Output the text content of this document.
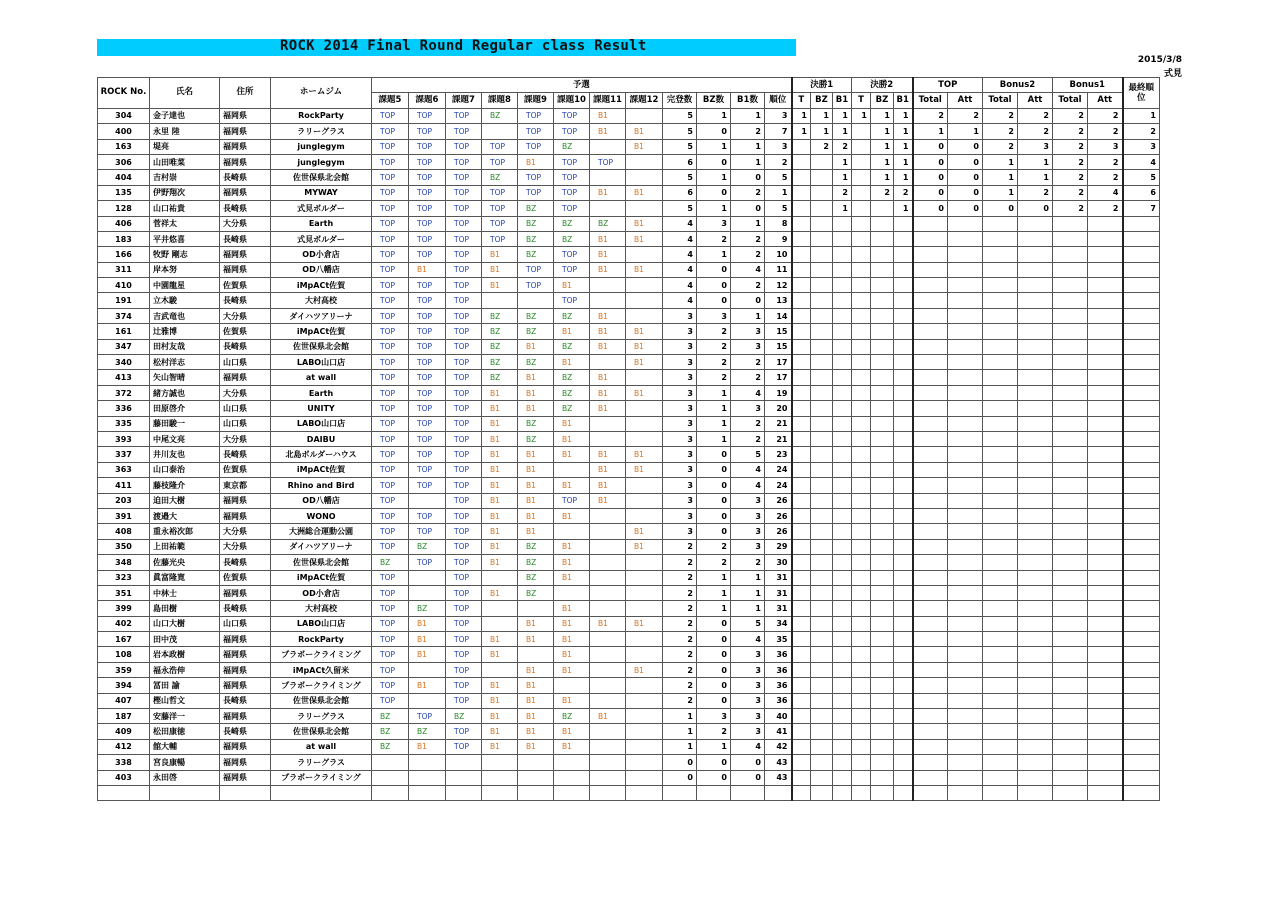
ROCK 2014 Final Round Regular class Result
2015/3/8
式見
ROCK No.	氏名	住所	ホームジム	予選												決勝1			決勝2			TOP		Bonus2		Bonus1		最終順位
				課題5	課題6	課題7	課題8	課題9	課題10	課題11	課題12	完登数	BZ数	B1数	順位	T	BZ	B1	T	BZ	B1	Total	Att	Total	Att	Total	Att	
304	金子達也	福岡県	RockParty	TOP	TOP	TOP	BZ	TOP	TOP	B1		5	1	1	3	1	1	1	1	1	1	2	2	2	2	2	2	1
400	永里 陸	福岡県	ラリーグラス	TOP	TOP	TOP		TOP	TOP	B1	B1	5	0	2	7	1	1	1		1	1	1	1	2	2	2	2	2
163	堤亮	福岡県	junglegym	TOP	TOP	TOP	TOP	TOP	BZ		B1	5	1	1	3		2	2		1	1	0	0	2	3	2	3	3
306	山田唯菜	福岡県	junglegym	TOP	TOP	TOP	TOP	B1	TOP	TOP		6	0	1	2			1		1	1	0	0	1	1	2	2	4
404	吉村崇	長崎県	佐世保県北会館	TOP	TOP	TOP	BZ	TOP	TOP			5	1	0	5			1		1	1	0	0	1	1	2	2	5
135	伊野翔次	福岡県	MYWAY	TOP	TOP	TOP	TOP	TOP	TOP	B1	B1	6	0	2	1			2		2	2	0	0	1	2	2	4	6
128	山口祐貴	長崎県	式見ボルダー	TOP	TOP	TOP	TOP	BZ	TOP			5	1	0	5			1			1	0	0	0	0	2	2	7
406	菅祥太	大分県	Earth	TOP	TOP	TOP	TOP	BZ	BZ	BZ	B1	4	3	1	8													
183	平井悠喜	長崎県	式見ボルダー	TOP	TOP	TOP	TOP	BZ	BZ	B1	B1	4	2	2	9													
166	牧野 剛志	福岡県	OD小倉店	TOP	TOP	TOP	B1	BZ	TOP	B1		4	1	2	10													
311	岸本努	福岡県	OD八幡店	TOP	B1	TOP	B1	TOP	TOP	B1	B1	4	0	4	11													
410	中園龍星	佐賀県	iMpACt佐賀	TOP	TOP	TOP	B1	TOP	B1			4	0	2	12													
191	立木駿	長崎県	大村高校	TOP	TOP	TOP			TOP			4	0	0	13													
374	吉武竜也	大分県	ダイハツアリーナ	TOP	TOP	TOP	BZ	BZ	BZ	B1		3	3	1	14													
161	辻雅博	佐賀県	iMpACt佐賀	TOP	TOP	TOP	BZ	BZ	B1	B1	B1	3	2	3	15													
347	田村友哉	長崎県	佐世保県北会館	TOP	TOP	TOP	BZ	B1	BZ	B1	B1	3	2	3	15													
340	松村洋志	山口県	LABO山口店	TOP	TOP	TOP	BZ	BZ	B1		B1	3	2	2	17													
413	矢山智晴	福岡県	at wall	TOP	TOP	TOP	BZ	B1	BZ	B1		3	2	2	17													
372	緒方誠也	大分県	Earth	TOP	TOP	TOP	B1	B1	BZ	B1	B1	3	1	4	19													
336	田原啓介	山口県	UNITY	TOP	TOP	TOP	B1	B1	BZ	B1		3	1	3	20													
335	藤田駿一	山口県	LABO山口店	TOP	TOP	TOP	B1	BZ	B1			3	1	2	21													
393	中尾文亮	大分県	DAIBU	TOP	TOP	TOP	B1	BZ	B1			3	1	2	21													
337	井川友也	長崎県	北島ボルダーハウス	TOP	TOP	TOP	B1	B1	B1	B1	B1	3	0	5	23													
363	山口泰治	佐賀県	iMpACt佐賀	TOP	TOP	TOP	B1	B1		B1	B1	3	0	4	24													
411	藤枝隆介	東京都	Rhino and Bird	TOP	TOP	TOP	B1	B1	B1	B1		3	0	4	24													
203	迫田大樹	福岡県	OD八幡店	TOP		TOP	B1	B1	TOP	B1		3	0	3	26													
391	渡邉大	福岡県	WONO	TOP	TOP	TOP	B1	B1	B1			3	0	3	26													
408	重永裕次郎	大分県	大洲総合運動公園	TOP	TOP	TOP	B1	B1			B1	3	0	3	26													
350	上田祐範	大分県	ダイハツアリーナ	TOP	BZ	TOP	B1	BZ	B1		B1	2	2	3	29													
348	佐藤光央	長崎県	佐世保県北会館	BZ	TOP	TOP	B1	BZ	B1			2	2	2	30													
323	眞富隆寛	佐賀県	iMpACt佐賀	TOP		TOP		BZ	B1			2	1	1	31													
351	中林士	福岡県	OD小倉店	TOP		TOP	B1	BZ				2	1	1	31													
399	島田樹	長崎県	大村高校	TOP	BZ	TOP			B1			2	1	1	31													
402	山口大樹	山口県	LABO山口店	TOP	B1	TOP		B1	B1	B1	B1	2	0	5	34													
167	田中茂	福岡県	RockParty	TOP	B1	TOP	B1	B1	B1			2	0	4	35													
108	岩本政樹	福岡県	プラボークライミング	TOP	B1	TOP	B1		B1			2	0	3	36													
359	福永浩伸	福岡県	iMpACt久留米	TOP		TOP		B1	B1		B1	2	0	3	36													
394	冨田 諭	福岡県	プラボークライミング	TOP	B1	TOP	B1	B1				2	0	3	36													
407	樫山哲文	長崎県	佐世保県北会館	TOP		TOP	B1	B1	B1			2	0	3	36													
187	安藤洋一	福岡県	ラリーグラス	BZ	TOP	BZ	B1	B1	BZ	B1		1	3	3	40													
409	松田康徳	長崎県	佐世保県北会館	BZ	BZ	TOP	B1	B1	B1			1	2	3	41													
412	舘大輔	福岡県	at wall	BZ	B1	TOP	B1	B1	B1			1	1	4	42													
338	宮良康暢	福岡県	ラリーグラス									0	0	0	43													
403	永田啓	福岡県	プラボークライミング									0	0	0	43													
